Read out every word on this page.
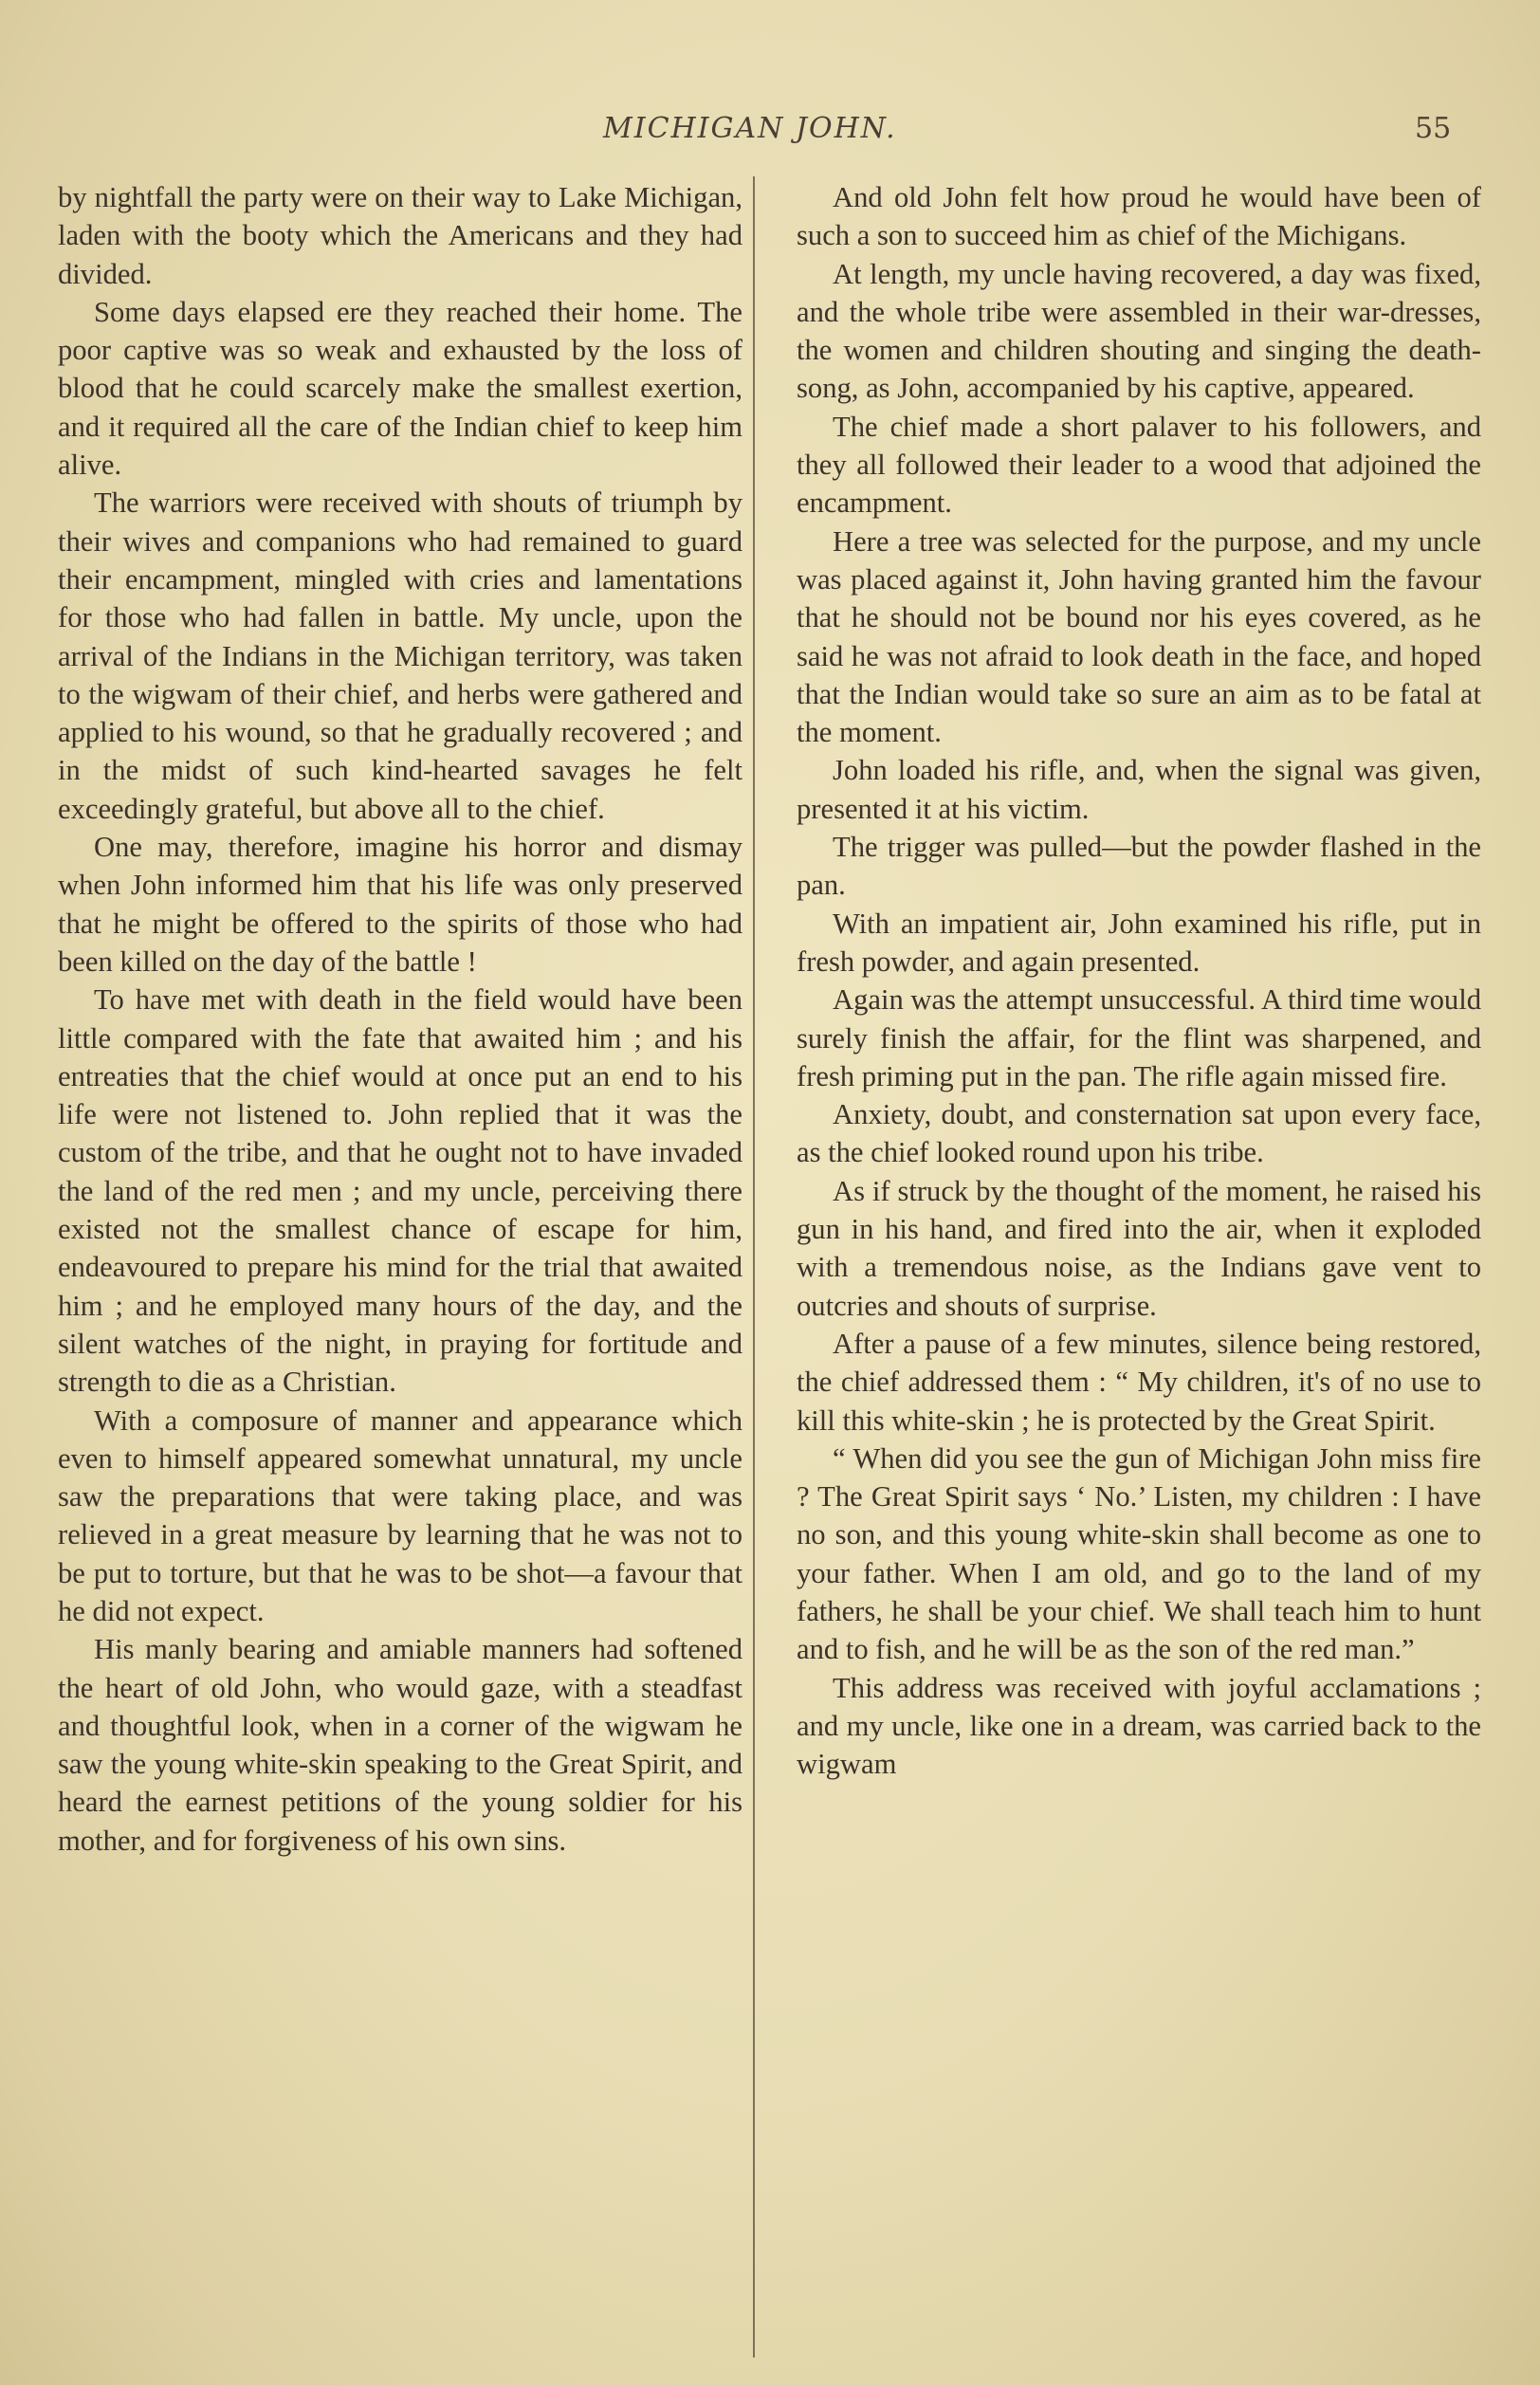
MICHIGAN JOHN.	55

by nightfall the party were on their way to Lake Michigan, laden with the booty which the Americans and they had divided.

Some days elapsed ere they reached their home. The poor captive was so weak and exhausted by the loss of blood that he could scarcely make the smallest exertion, and it required all the care of the Indian chief to keep him alive.

The warriors were received with shouts of triumph by their wives and companions who had remained to guard their encampment, mingled with cries and lamentations for those who had fallen in battle. My uncle, upon the arrival of the Indians in the Michigan territory, was taken to the wigwam of their chief, and herbs were gathered and applied to his wound, so that he gradually recovered ; and in the midst of such kind-hearted savages he felt exceedingly grateful, but above all to the chief.

One may, therefore, imagine his horror and dismay when John informed him that his life was only preserved that he might be offered to the spirits of those who had been killed on the day of the battle !

To have met with death in the field would have been little compared with the fate that awaited him ; and his entreaties that the chief would at once put an end to his life were not listened to. John replied that it was the custom of the tribe, and that he ought not to have invaded the land of the red men ; and my uncle, perceiving there existed not the smallest chance of escape for him, endeavoured to prepare his mind for the trial that awaited him ; and he employed many hours of the day, and the silent watches of the night, in praying for fortitude and strength to die as a Christian.

With a composure of manner and appearance which even to himself appeared somewhat unnatural, my uncle saw the preparations that were taking place, and was relieved in a great measure by learning that he was not to be put to torture, but that he was to be shot—a favour that he did not expect.

His manly bearing and amiable manners had softened the heart of old John, who would gaze, with a steadfast and thoughtful look, when in a corner of the wigwam he saw the young white-skin speaking to the Great Spirit, and heard the earnest petitions of the young soldier for his mother, and for forgiveness of his own sins.

And old John felt how proud he would have been of such a son to succeed him as chief of the Michigans.

At length, my uncle having recovered, a day was fixed, and the whole tribe were assembled in their war-dresses, the women and children shouting and singing the death-song, as John, accompanied by his captive, appeared.

The chief made a short palaver to his followers, and they all followed their leader to a wood that adjoined the encampment.

Here a tree was selected for the purpose, and my uncle was placed against it, John having granted him the favour that he should not be bound nor his eyes covered, as he said he was not afraid to look death in the face, and hoped that the Indian would take so sure an aim as to be fatal at the moment.

John loaded his rifle, and, when the signal was given, presented it at his victim.

The trigger was pulled—but the powder flashed in the pan.

With an impatient air, John examined his rifle, put in fresh powder, and again presented.

Again was the attempt unsuccessful. A third time would surely finish the affair, for the flint was sharpened, and fresh priming put in the pan. The rifle again missed fire.

Anxiety, doubt, and consternation sat upon every face, as the chief looked round upon his tribe.

As if struck by the thought of the moment, he raised his gun in his hand, and fired into the air, when it exploded with a tremendous noise, as the Indians gave vent to outcries and shouts of surprise.

After a pause of a few minutes, silence being restored, the chief addressed them : “ My children, it's of no use to kill this white-skin ; he is protected by the Great Spirit.

“ When did you see the gun of Michigan John miss fire ? The Great Spirit says ‘ No.’ Listen, my children : I have no son, and this young white-skin shall become as one to your father. When I am old, and go to the land of my fathers, he shall be your chief. We shall teach him to hunt and to fish, and he will be as the son of the red man.”

This address was received with joyful acclamations ; and my uncle, like one in a dream, was carried back to the wigwam
